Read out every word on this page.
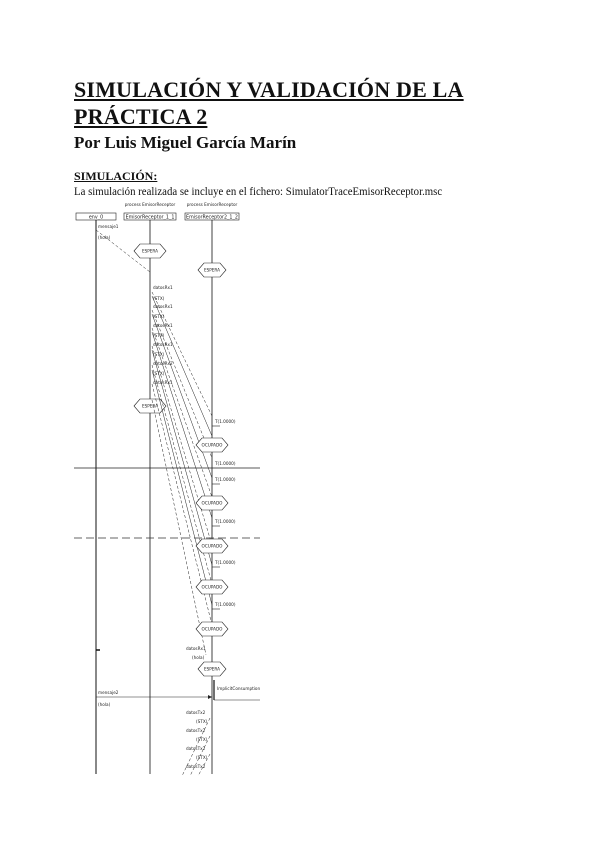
SIMULACIÓN Y VALIDACIÓN DE LA PRÁCTICA 2
Por Luis Miguel García Marín
SIMULACIÓN:
La simulación realizada se incluye en el fichero: SimulatorTraceEmisorReceptor.msc
env_0
process EmisorReceptor
EmisorReceptor_1_1
process EmisorReceptor
EmisorReceptor2_1_2
mensaje1
(hola)
ESPERA
ESPERA
ESPERA
datosRx1
(STX)
datosRx1
(STX)
datosRx1
(STX)
datosRx1
(STX)
datosRx2
(STX)
datosRx1
T(1.0000)
OCUPADO
T(1.0000)
T(1.0000)
OCUPADO
T(1.0000)
OCUPADO
T(1.0000)
OCUPADO
T(1.0000)
OCUPADO
datosRx1
(hola)
ESPERA
ImplicitConsumption
mensaje2
(hola)
datosTx2
(STX)
datosTx2
(STX)
datosTx2
(STX)
datosTx2
